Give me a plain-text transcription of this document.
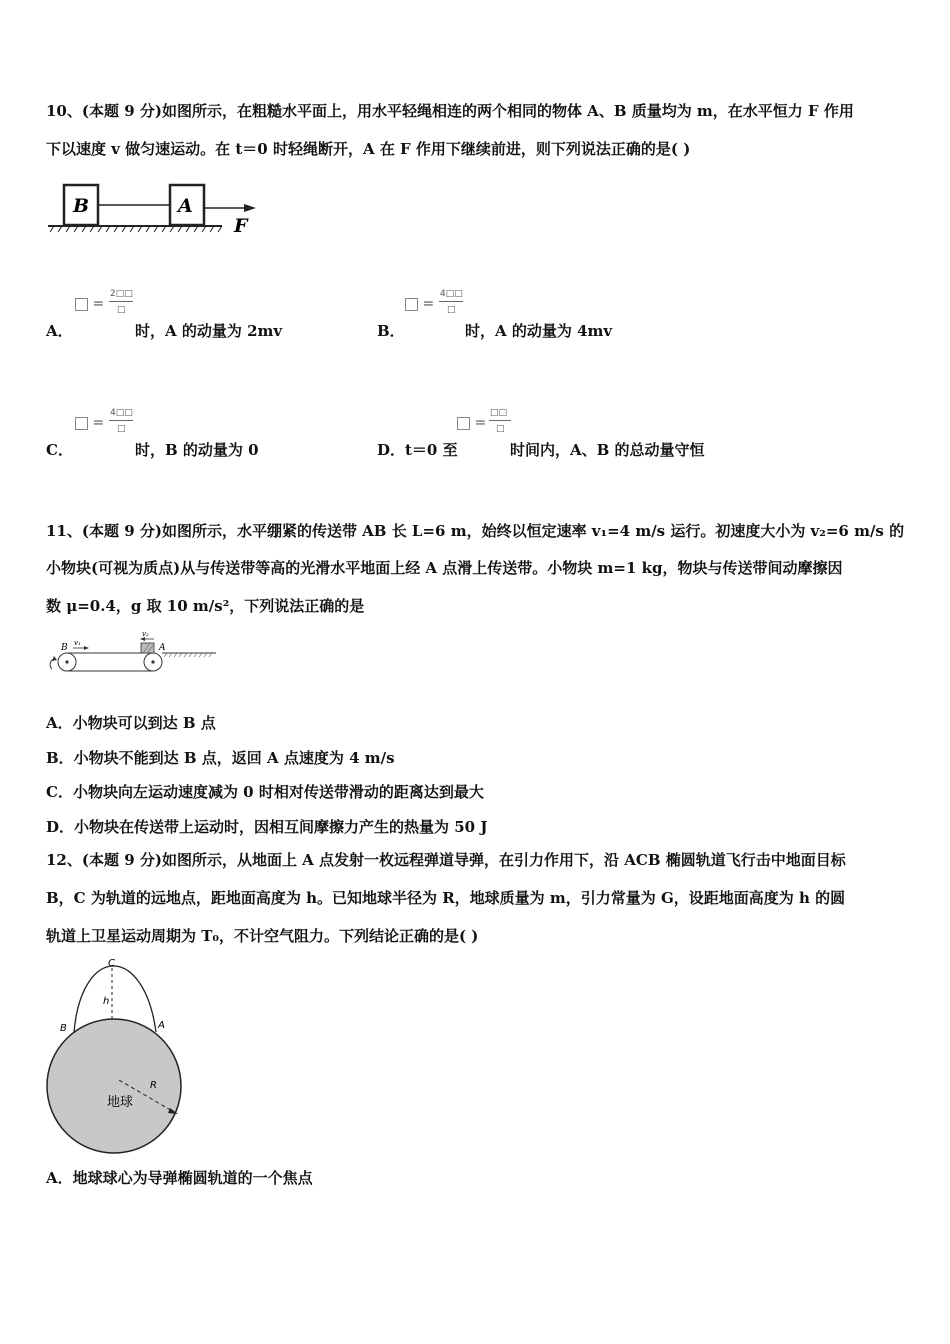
10、(本题 9 分)如图所示，在粗糙水平面上，用水平轻绳相连的两个相同的物体 A、B 质量均为 m，在水平恒力 F 作用
下以速度 v 做匀速运动。在 t＝0 时轻绳断开，A 在 F 作用下继续前进，则下列说法正确的是( )
B	A
F
=
2□□
□
A．	时，A 的动量为 2mv
=
4□□
□
B．	时，A 的动量为 4mv
=
4□□
□
C．	时，B 的动量为 0
=
□□
□
D． t＝0 至	时间内，A、B 的总动量守恒
11、(本题 9 分)如图所示，水平绷紧的传送带 AB 长 L=6 m，始终以恒定速率 v₁=4 m/s 运行。初速度大小为 v₂=6 m/s 的
小物块(可视为质点)从与传送带等高的光滑水平地面上经 A 点滑上传送带。小物块 m=1 kg，物块与传送带间动摩擦因
数 μ=0.4，g 取 10 m/s²，下列说法正确的是
B v₁
v₂
A
A．小物块可以到达 B 点
B．小物块不能到达 B 点，返回 A 点速度为 4 m/s
C．小物块向左运动速度减为 0 时相对传送带滑动的距离达到最大
D．小物块在传送带上运动时，因相互间摩擦力产生的热量为 50 J
12、(本题 9 分)如图所示，从地面上 A 点发射一枚远程弹道导弹，在引力作用下，沿 ACB 椭圆轨道飞行击中地面目标
B，C 为轨道的远地点，距地面高度为 h。已知地球半径为 R，地球质量为 m，引力常量为 G，设距地面高度为 h 的圆
轨道上卫星运动周期为 T₀，不计空气阻力。下列结论正确的是( )
C
h
B	A
R
地球
A．地球球心为导弹椭圆轨道的一个焦点
